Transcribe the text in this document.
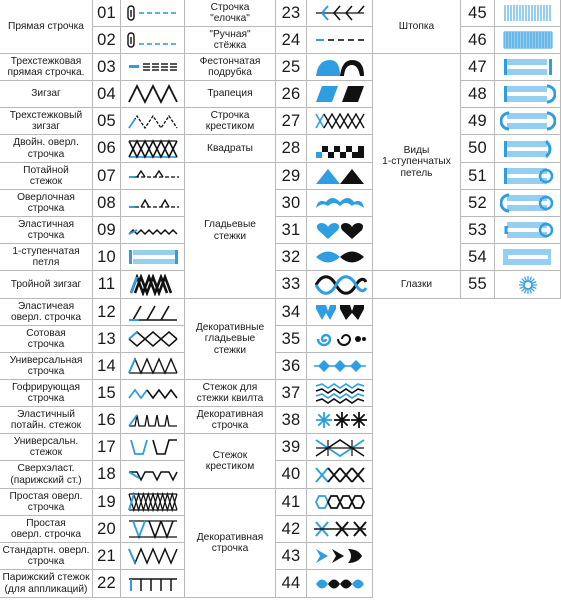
Прямая строчка
Трехстежковая
прямая строчка.
Зигзаг
Трехстежковый
зигзаг
Двойн. оверл.
строчка
Потайной
стежок
Оверлочная
строчка
Эластичная
строчка
1-ступенчатая
петля
Тройной зигзаг
Эластичеая
оверл. строчка
Сотовая
строчка
Универсальная
строчка
Гофрирующая
строчка
Эластичный
потайн. стежок
Универсальн.
стежок
Сверхэласт.
(парижский ст.)
Простая оверл.
строчка
Простая
оверл. строчка
Стандартн. оверл.
строчка
Парижский стежок
(для аппликаций)
01
02
03
04
05
06
07
08
09
10
11
12
13
14
15
16
17
18
19
20
21
22
Строчка
"елочка"
"Ручная"
стёжка
Фестончатая
подрубка
Трапеция
Строчка
крестиком
Квадраты
Гладьевые
стежки
Декоративные
гладьевые
стежки
Стежок для
стежки квилта
Декоративная
строчка
Стежок
крестиком
Декоративная
строчка
23
24
25
26
27
28
29
30
31
32
33
34
35
36
37
38
39
40
41
42
43
44
Штопка
Виды
1-ступенчатых
петель
Глазки
45
46
47
48
49
50
51
52
53
54
55
